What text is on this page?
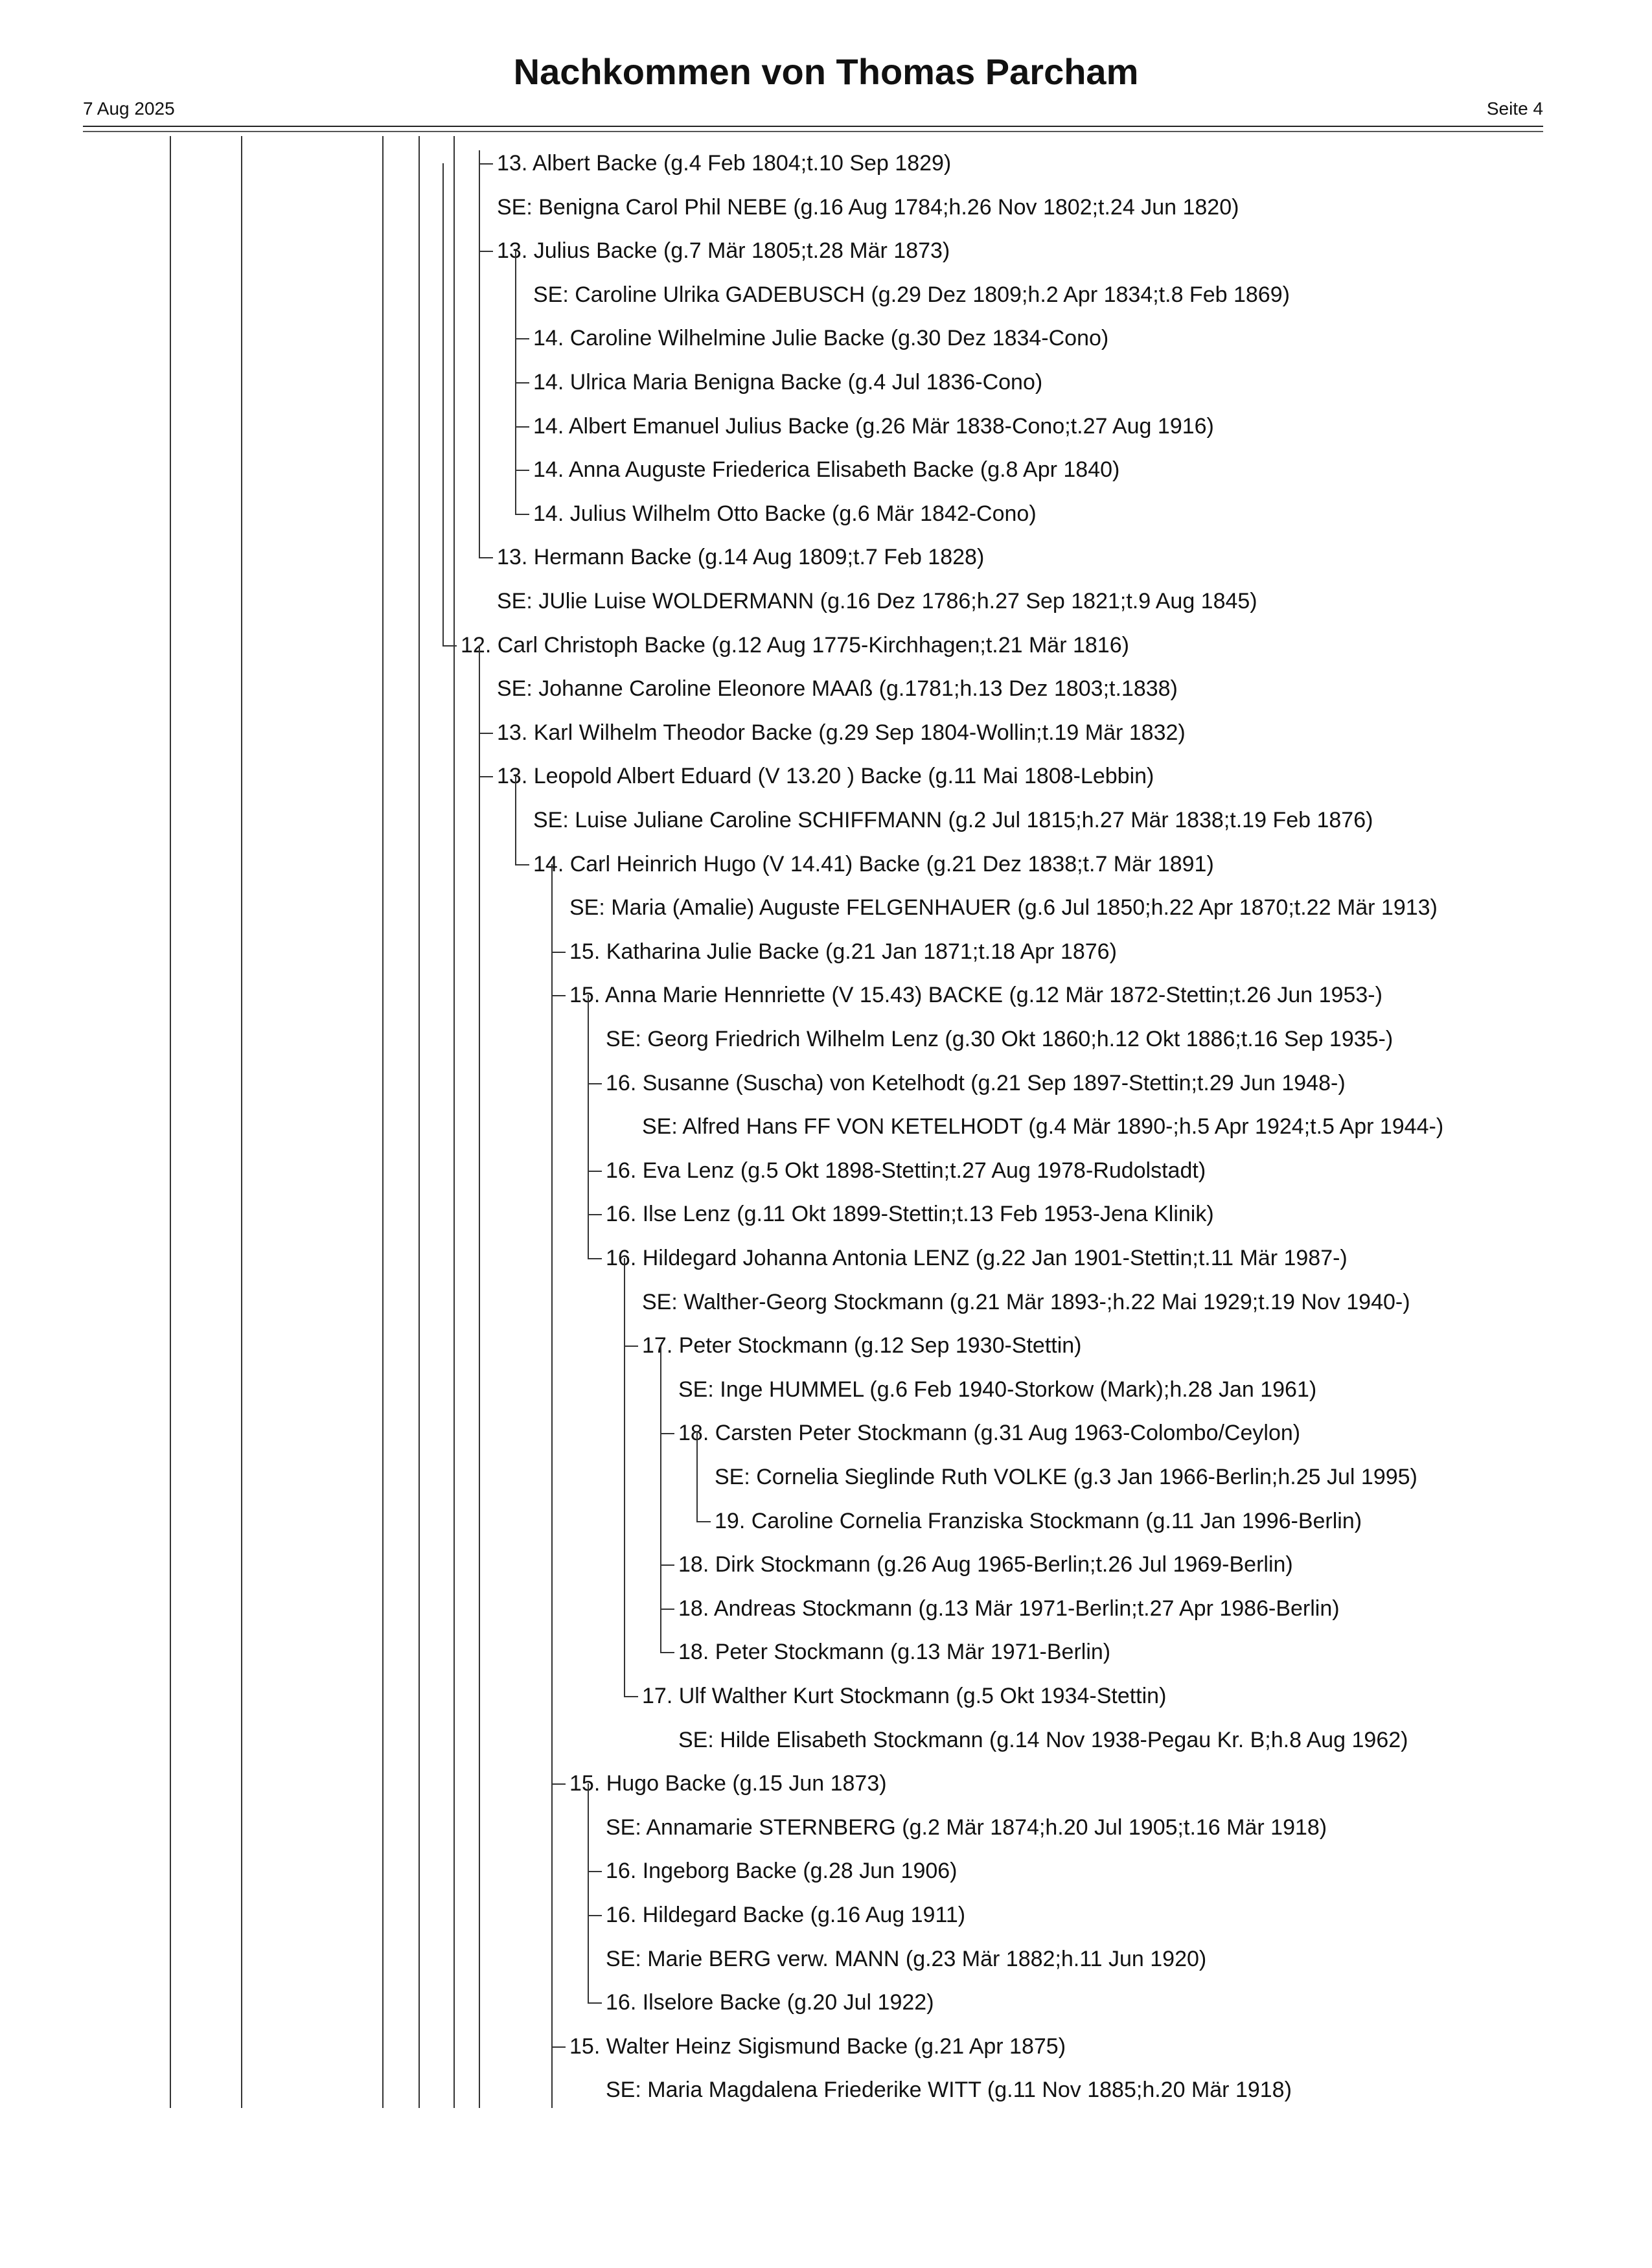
Nachkommen von Thomas Parcham
7 Aug 2025	Seite 4
13. Albert Backe (g.4 Feb 1804;t.10 Sep 1829)
SE: Benigna Carol Phil NEBE (g.16 Aug 1784;h.26 Nov 1802;t.24 Jun 1820)
13. Julius Backe (g.7 Mär 1805;t.28 Mär 1873)
SE: Caroline Ulrika GADEBUSCH (g.29 Dez 1809;h.2 Apr 1834;t.8 Feb 1869)
14. Caroline Wilhelmine Julie Backe (g.30 Dez 1834-Cono)
14. Ulrica Maria Benigna Backe (g.4 Jul 1836-Cono)
14. Albert Emanuel Julius Backe (g.26 Mär 1838-Cono;t.27 Aug 1916)
14. Anna Auguste Friederica Elisabeth Backe (g.8 Apr 1840)
14. Julius Wilhelm Otto Backe (g.6 Mär 1842-Cono)
13. Hermann Backe (g.14 Aug 1809;t.7 Feb 1828)
SE: JUlie Luise WOLDERMANN (g.16 Dez 1786;h.27 Sep 1821;t.9 Aug 1845)
12. Carl Christoph Backe (g.12 Aug 1775-Kirchhagen;t.21 Mär 1816)
SE: Johanne Caroline Eleonore MAAß (g.1781;h.13 Dez 1803;t.1838)
13. Karl Wilhelm Theodor Backe (g.29 Sep 1804-Wollin;t.19 Mär 1832)
13. Leopold Albert Eduard (V 13.20 ) Backe (g.11 Mai 1808-Lebbin)
SE: Luise Juliane Caroline SCHIFFMANN (g.2 Jul 1815;h.27 Mär 1838;t.19 Feb 1876)
14. Carl Heinrich Hugo (V 14.41) Backe (g.21 Dez 1838;t.7 Mär 1891)
SE: Maria (Amalie) Auguste FELGENHAUER (g.6 Jul 1850;h.22 Apr 1870;t.22 Mär 1913)
15. Katharina Julie Backe (g.21 Jan 1871;t.18 Apr 1876)
15. Anna Marie Hennriette (V 15.43) BACKE (g.12 Mär 1872-Stettin;t.26 Jun 1953-)
SE: Georg Friedrich Wilhelm Lenz (g.30 Okt 1860;h.12 Okt 1886;t.16 Sep 1935-)
16. Susanne (Suscha) von Ketelhodt (g.21 Sep 1897-Stettin;t.29 Jun 1948-)
SE: Alfred Hans FF VON KETELHODT (g.4 Mär 1890-;h.5 Apr 1924;t.5 Apr 1944-)
16. Eva Lenz (g.5 Okt 1898-Stettin;t.27 Aug 1978-Rudolstadt)
16. Ilse Lenz (g.11 Okt 1899-Stettin;t.13 Feb 1953-Jena Klinik)
16. Hildegard Johanna Antonia LENZ (g.22 Jan 1901-Stettin;t.11 Mär 1987-)
SE: Walther-Georg Stockmann (g.21 Mär 1893-;h.22 Mai 1929;t.19 Nov 1940-)
17. Peter Stockmann (g.12 Sep 1930-Stettin)
SE: Inge HUMMEL (g.6 Feb 1940-Storkow (Mark);h.28 Jan 1961)
18. Carsten Peter Stockmann (g.31 Aug 1963-Colombo/Ceylon)
SE: Cornelia Sieglinde Ruth VOLKE (g.3 Jan 1966-Berlin;h.25 Jul 1995)
19. Caroline Cornelia Franziska Stockmann (g.11 Jan 1996-Berlin)
18. Dirk Stockmann (g.26 Aug 1965-Berlin;t.26 Jul 1969-Berlin)
18. Andreas Stockmann (g.13 Mär 1971-Berlin;t.27 Apr 1986-Berlin)
18. Peter Stockmann (g.13 Mär 1971-Berlin)
17. Ulf Walther Kurt Stockmann (g.5 Okt 1934-Stettin)
SE: Hilde Elisabeth Stockmann (g.14 Nov 1938-Pegau Kr. B;h.8 Aug 1962)
15. Hugo Backe (g.15 Jun 1873)
SE: Annamarie STERNBERG (g.2 Mär 1874;h.20 Jul 1905;t.16 Mär 1918)
16. Ingeborg Backe (g.28 Jun 1906)
16. Hildegard Backe (g.16 Aug 1911)
SE: Marie BERG verw. MANN (g.23 Mär 1882;h.11 Jun 1920)
16. Ilselore Backe (g.20 Jul 1922)
15. Walter Heinz Sigismund Backe (g.21 Apr 1875)
SE: Maria Magdalena Friederike WITT (g.11 Nov 1885;h.20 Mär 1918)
